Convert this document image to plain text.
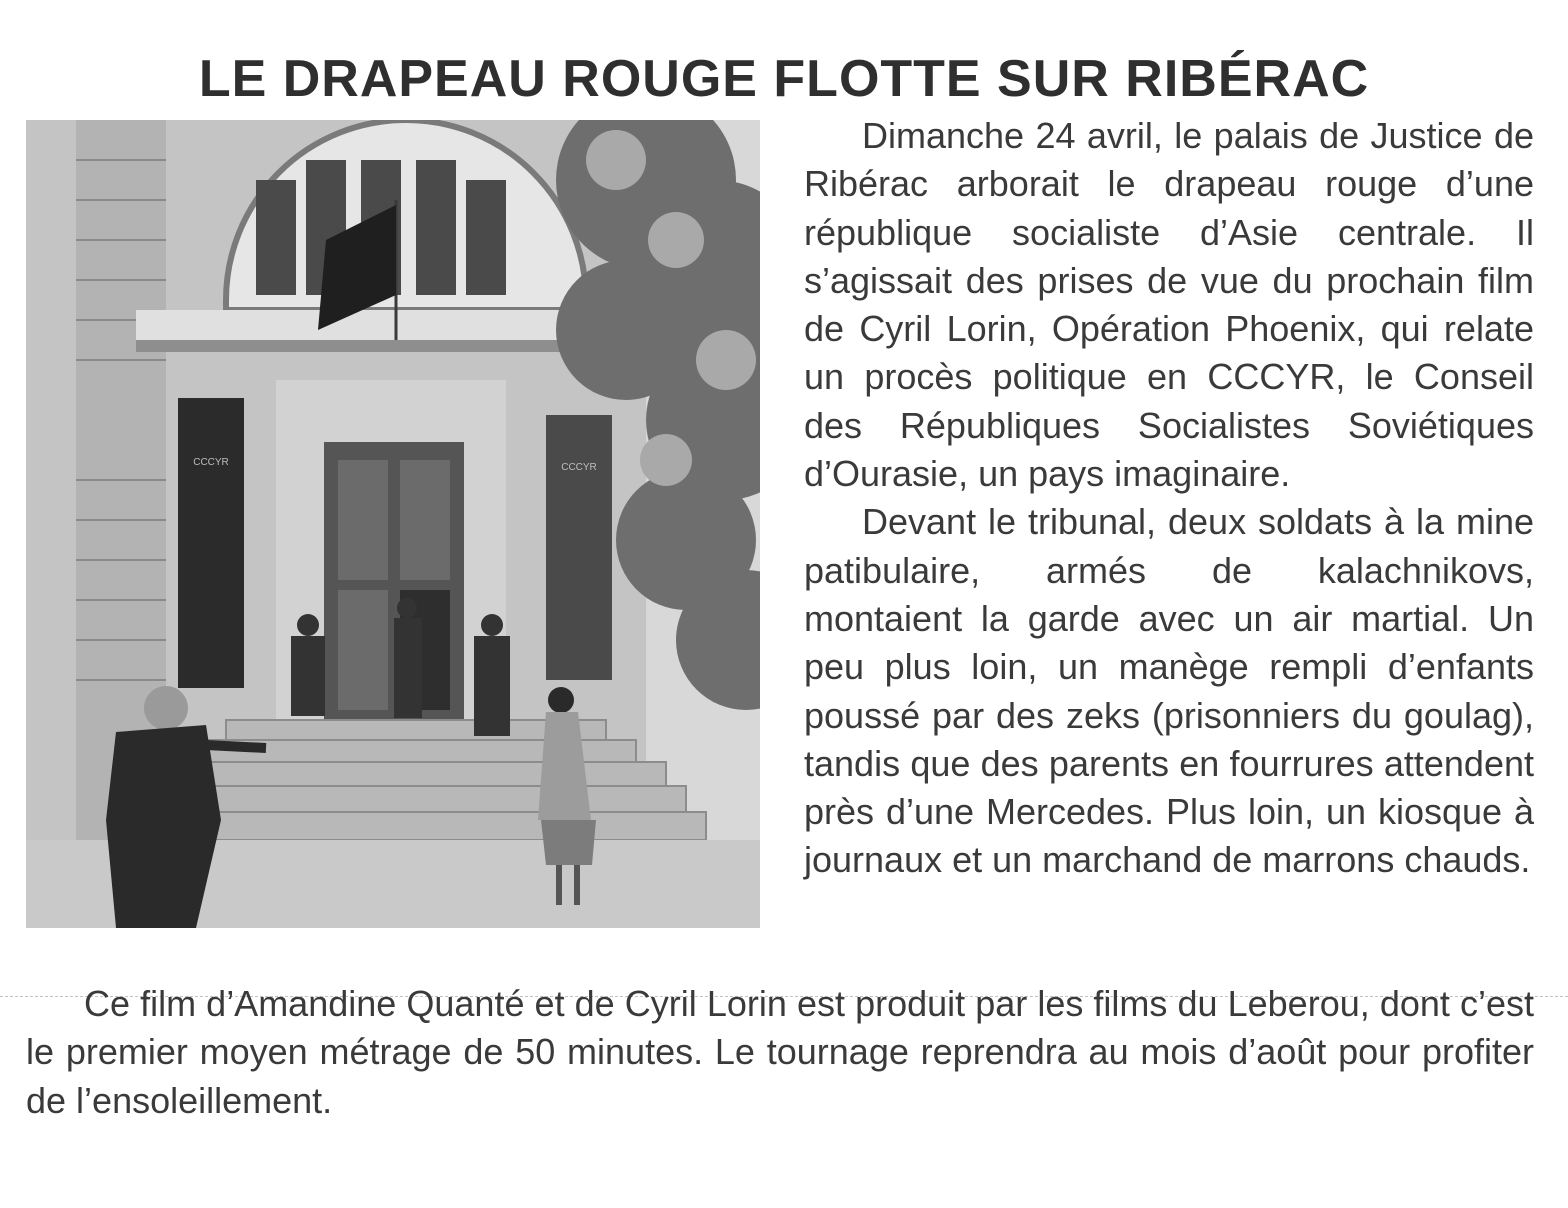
LE DRAPEAU ROUGE FLOTTE SUR RIBÉRAC
CCCYR	CCCYR

Dimanche 24 avril, le palais de Justice de Ribérac arborait le drapeau rouge d’une république socialiste d’Asie centrale. Il s’agissait des prises de vue du prochain film de Cyril Lorin, Opération Phoenix, qui relate un procès politique en CCCYR, le Conseil des Républiques Socialistes Soviétiques d’Ourasie, un pays imaginaire.

Devant le tribunal, deux soldats à la mine patibulaire, armés de kalachnikovs, montaient la garde avec un air martial. Un peu plus loin, un manège rempli d’enfants poussé par des zeks (prisonniers du goulag), tandis que des parents en fourrures attendent près d’une Mercedes. Plus loin, un kiosque à journaux et un marchand de marrons chauds.

Ce film d’Amandine Quanté et de Cyril Lorin est produit par les films du Leberou, dont c’est le premier moyen métrage de 50 minutes. Le tournage reprendra au mois d’août pour profiter de l’ensoleillement.
